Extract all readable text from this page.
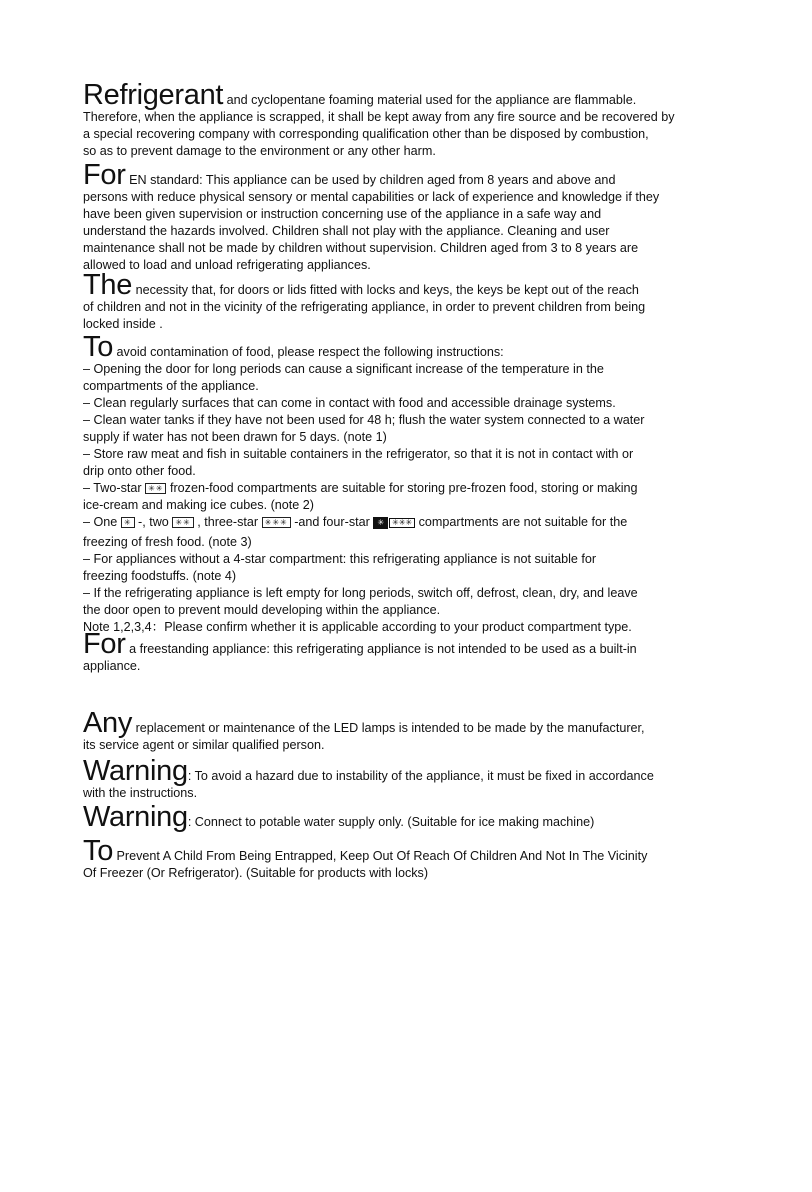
Refrigerant and cyclopentane foaming material used for the appliance are flammable.
Therefore, when the appliance is scrapped, it shall be kept away from any fire source and be recovered by
a special recovering company with corresponding qualification other than be disposed by combustion,
so as to prevent damage to the environment or any other harm.
For EN standard: This appliance can be used by children aged from 8 years and above and
persons with reduce physical sensory or mental capabilities or lack of experience and knowledge if they
have been given supervision or instruction concerning use of the appliance in a safe way and
understand the hazards involved. Children shall not play with the appliance. Cleaning and user
maintenance shall not be made by children without supervision. Children aged from 3 to 8 years are
allowed to load and unload refrigerating appliances.
The necessity that, for doors or lids fitted with locks and keys, the keys be kept out of the reach
of children and not in the vicinity of the refrigerating appliance, in order to prevent children from being
locked inside .
To avoid contamination of food, please respect the following instructions:
– Opening the door for long periods can cause a significant increase of the temperature in the
compartments of the appliance.
– Clean regularly surfaces that can come in contact with food and accessible drainage systems.
– Clean water tanks if they have not been used for 48 h; flush the water system connected to a water
supply if water has not been drawn for 5 days. (note 1)
– Store raw meat and fish in suitable containers in the refrigerator, so that it is not in contact with or
drip onto other food.
– Two-star ✳✳ frozen-food compartments are suitable for storing pre-frozen food, storing or making
ice-cream and making ice cubes. (note 2)
– One ✳ -, two ✳✳ , three-star ✳✳✳ -and four-star ✳ ✳✳✳ compartments are not suitable for the
freezing of fresh food. (note 3)
– For appliances without a 4-star compartment: this refrigerating appliance is not suitable for
freezing foodstuffs. (note 4)
– If the refrigerating appliance is left empty for long periods, switch off, defrost, clean, dry, and leave
the door open to prevent mould developing within the appliance.
Note 1,2,3,4：Please confirm whether it is applicable according to your product compartment type.
For a freestanding appliance: this refrigerating appliance is not intended to be used as a built-in
appliance.
Any replacement or maintenance of the LED lamps is intended to be made by the manufacturer,
its service agent or similar qualified person.
Warning: To avoid a hazard due to instability of the appliance, it must be fixed in accordance
with the instructions.
Warning: Connect to potable water supply only. (Suitable for ice making machine)
To Prevent A Child From Being Entrapped, Keep Out Of Reach Of Children And Not In The Vicinity
Of Freezer (Or Refrigerator). (Suitable for products with locks)
